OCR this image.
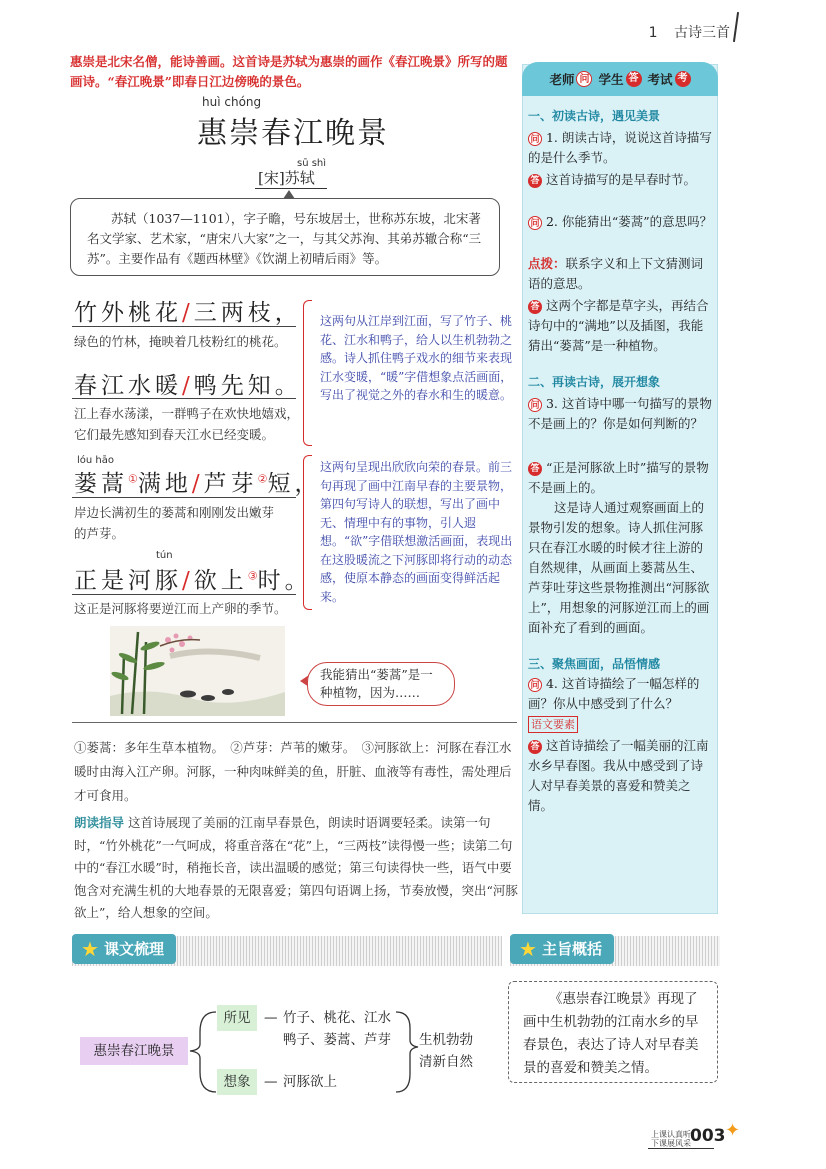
1 古诗三首
惠崇是北宋名僧，能诗善画。这首诗是苏轼为惠崇的画作《春江晚景》所写的题画诗。“春江晚景”即春日江边傍晚的景色。
huì chóng
惠崇春江晚景
sū shì
[宋]苏轼
苏轼（1037—1101），字子瞻，号东坡居士，世称苏东坡，北宋著名文学家、艺术家，“唐宋八大家”之一，与其父苏洵、其弟苏辙合称“三苏”。主要作品有《题西林壁》《饮湖上初晴后雨》等。
竹外桃花/三两枝，
绿色的竹林，掩映着几枝粉红的桃花。
春江水暖/鸭先知。
江上春水荡漾，一群鸭子在欢快地嬉戏，它们最先感知到春天江水已经变暖。
这两句从江岸到江面，写了竹子、桃花、江水和鸭子，给人以生机勃勃之感。诗人抓住鸭子戏水的细节来表现江水变暖，“暖”字借想象点活画面，写出了视觉之外的春水和生的暖意。
lóu hāo
蒌蒿①满地/芦芽②短，
岸边长满初生的蒌蒿和刚刚发出嫩芽的芦芽。
tún
正是河豚/欲上③时。
这正是河豚将要逆江而上产卵的季节。
这两句呈现出欣欣向荣的春景。前三句再现了画中江南早春的主要景物，第四句写诗人的联想，写出了画中无、情理中有的事物，引人遐想。“欲”字借联想激活画面，表现出在这股暖流之下河豚即将行动的动态感，使原本静态的画面变得鲜活起来。
我能猜出“蒌蒿”是一种植物，因为……
①蒌蒿：多年生草本植物。　②芦芽：芦苇的嫩芽。　③河豚欲上：河豚在春江水暖时由海入江产卵。河豚，一种肉味鲜美的鱼，肝脏、血液等有毒性，需处理后才可食用。
朗读指导 这首诗展现了美丽的江南早春景色，朗读时语调要轻柔。读第一句时，“竹外桃花”一气呵成，将重音落在“花”上，“三两枝”读得慢一些；读第二句中的“春江水暖”时，稍拖长音，读出温暖的感觉；第三句读得快一些，语气中要饱含对充满生机的大地春景的无限喜爱；第四句语调上扬，节奏放慢，突出“河豚欲上”，给人想象的空间。
老师 问 学生 答 考试 考
一、初读古诗，遇见美景
问 1. 朗读古诗，说说这首诗描写的是什么季节。
答 这首诗描写的是早春时节。
问 2. 你能猜出“蒌蒿”的意思吗？
点拨：联系字义和上下文猜测词语的意思。
答 这两个字都是草字头，再结合诗句中的“满地”以及插图，我能猜出“蒌蒿”是一种植物。
二、再读古诗，展开想象
问 3. 这首诗中哪一句描写的景物不是画上的？你是如何判断的？
答 “正是河豚欲上时”描写的景物不是画上的。
这是诗人通过观察画面上的景物引发的想象。诗人抓住河豚只在春江水暖的时候才往上游的自然规律，从画面上蒌蒿丛生、芦芽吐芽这些景物推测出“河豚欲上”，用想象的河豚逆江而上的画面补充了看到的画面。
三、聚焦画面，品悟情感
问 4. 这首诗描绘了一幅怎样的画？你从中感受到了什么？
语文要素
答 这首诗描绘了一幅美丽的江南水乡早春图。我从中感受到了诗人对早春美景的喜爱和赞美之情。
课文梳理
★	主旨概括
★
惠崇春江晚景
所见	— 竹子、桃花、江水
鸭子、蒌蒿、芦芽
想象	— 河豚欲上
生机勃勃
清新自然
《惠崇春江晚景》再现了画中生机勃勃的江南水乡的早春景色，表达了诗人对早春美景的喜爱和赞美之情。
上课认真听
下课展风采 003 ✦
